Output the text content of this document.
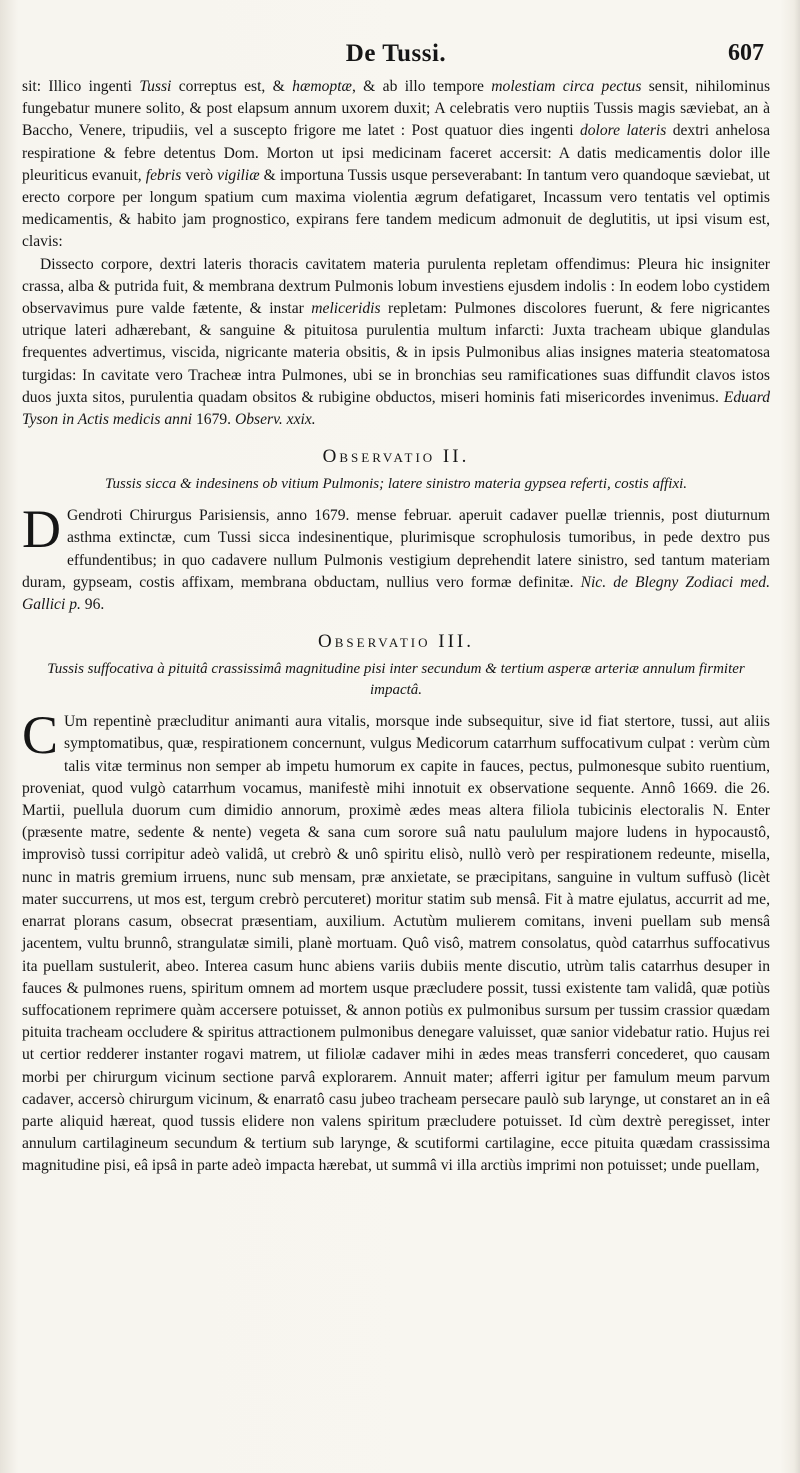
De Tussi.	607

sit: Illico ingenti Tussi correptus est, & hæmoptæ, & ab illo tempore molestiam circa pectus sensit, nihilominus fungebatur munere solito, & post elapsum annum uxorem duxit; A celebratis vero nuptiis Tussis magis sæviebat, an à Baccho, Venere, tripudiis, vel a suscepto frigore me latet : Post quatuor dies ingenti dolore lateris dextri anhelosa respiratione & febre detentus Dom. Morton ut ipsi medicinam faceret accersit: A datis medicamentis dolor ille pleuriticus evanuit, febris verò vigiliæ & importuna Tussis usque perseverabant: In tantum vero quandoque sæviebat, ut erecto corpore per longum spatium cum maxima violentia ægrum defatigaret, Incassum vero tentatis vel optimis medicamentis, & habito jam prognostico, expirans fere tandem medicum admonuit de deglutitis, ut ipsi visum est, clavis:

Dissecto corpore, dextri lateris thoracis cavitatem materia purulenta repletam offendimus: Pleura hic insigniter crassa, alba & putrida fuit, & membrana dextrum Pulmonis lobum investiens ejusdem indolis : In eodem lobo cystidem observavimus pure valde fætente, & instar meliceridis repletam: Pulmones discolores fuerunt, & fere nigricantes utrique lateri adhærebant, & sanguine & pituitosa purulentia multum infarcti: Juxta tracheam ubique glandulas frequentes advertimus, viscida, nigricante materia obsitis, & in ipsis Pulmonibus alias insignes materia steatomatosa turgidas: In cavitate vero Tracheæ intra Pulmones, ubi se in bronchias seu ramificationes suas diffundit clavos istos duos juxta sitos, purulentia quadam obsitos & rubigine obductos, miseri hominis fati misericordes invenimus. Eduard Tyson in Actis medicis anni 1679. Observ. xxix.

Observatio II.
Tussis sicca & indesinens ob vitium Pulmonis; latere sinistro materia gypsea referti, costis affixi.

D Gendroti Chirurgus Parisiensis, anno 1679. mense februar. aperuit cadaver puellæ triennis, post diuturnum asthma extinctæ, cum Tussi sicca indesinentique, plurimisque scrophulosis tumoribus, in pede dextro pus effundentibus; in quo cadavere nullum Pulmonis vestigium deprehendit latere sinistro, sed tantum materiam duram, gypseam, costis affixam, membrana obductam, nullius vero formæ definitæ. Nic. de Blegny Zodiaci med. Gallici p. 96.

Observatio III.
Tussis suffocativa à pituitâ crassissimâ magnitudine pisi inter secundum & tertium asperæ arteriæ annulum firmiter impactâ.

C Um repentinè præcluditur animanti aura vitalis, morsque inde subsequitur, sive id fiat stertore, tussi, aut aliis symptomatibus, quæ, respirationem concernunt, vulgus Medicorum catarrhum suffocativum culpat : verùm cùm talis vitæ terminus non semper ab impetu humorum ex capite in fauces, pectus, pulmonesque subito ruentium, proveniat, quod vulgò catarrhum vocamus, manifestè mihi innotuit ex observatione sequente. Annô 1669. die 26. Martii, puellula duorum cum dimidio annorum, proximè ædes meas altera filiola tubicinis electoralis N. Enter (præsente matre, sedente & nente) vegeta & sana cum sorore suâ natu paululum majore ludens in hypocaustô, improvisò tussi corripitur adeò validâ, ut crebrò & unô spiritu elisò, nullò verò per respirationem redeunte, misella, nunc in matris gremium irruens, nunc sub mensam, præ anxietate, se præcipitans, sanguine in vultum suffusò (licèt mater succurrens, ut mos est, tergum crebrò percuteret) moritur statim sub mensâ. Fit à matre ejulatus, accurrit ad me, enarrat plorans casum, obsecrat præsentiam, auxilium. Actutùm mulierem comitans, inveni puellam sub mensâ jacentem, vultu brunnô, strangulatæ simili, planè mortuam. Quô visô, matrem consolatus, quòd catarrhus suffocativus ita puellam sustulerit, abeo. Interea casum hunc abiens variis dubiis mente discutio, utrùm talis catarrhus desuper in fauces & pulmones ruens, spiritum omnem ad mortem usque præcludere possit, tussi existente tam validâ, quæ potiùs suffocationem reprimere quàm accersere potuisset, & annon potiùs ex pulmonibus sursum per tussim crassior quædam pituita tracheam occludere & spiritus attractionem pulmonibus denegare valuisset, quæ sanior videbatur ratio. Hujus rei ut certior redderer instanter rogavi matrem, ut filiolæ cadaver mihi in ædes meas transferri concederet, quo causam morbi per chirurgum vicinum sectione parvâ explorarem. Annuit mater; afferri igitur per famulum meum parvum cadaver, accersò chirurgum vicinum, & enarratô casu jubeo tracheam persecare paulò sub larynge, ut constaret an in eâ parte aliquid hæreat, quod tussis elidere non valens spiritum præcludere potuisset. Id cùm dextrè peregisset, inter annulum cartilagineum secundum & tertium sub larynge, & scutiformi cartilagine, ecce pituita quædam crassissima magnitudine pisi, eâ ipsâ in parte adeò impacta hærebat, ut summâ vi illa arctiùs imprimi non potuisset; unde puellam,
